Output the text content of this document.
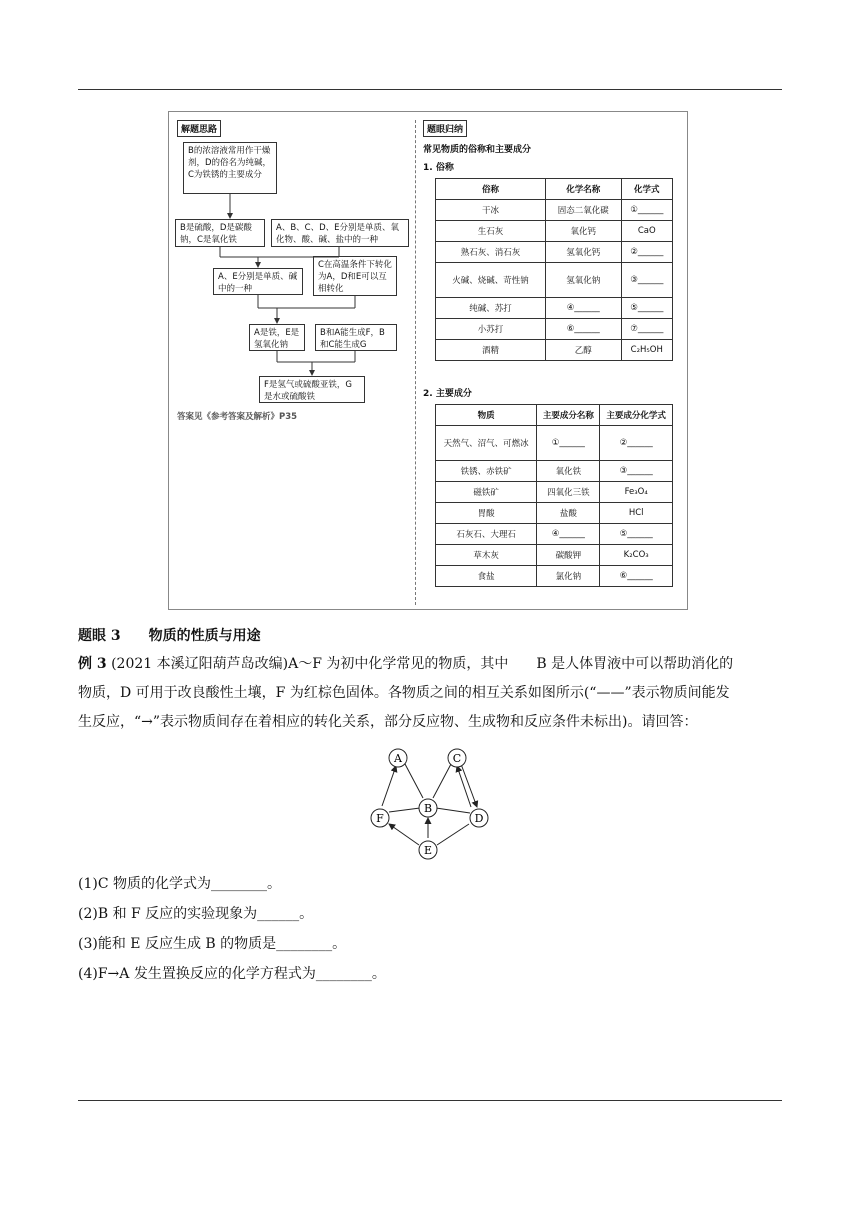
解题思路
B的浓溶液常用作干燥剂，D的俗名为纯碱，C为铁锈的主要成分
B是硫酸，D是碳酸钠，C是氧化铁
A、B、C、D、E分别是单质、氧化物、酸、碱、盐中的一种
A、E分别是单质、碱中的一种
C在高温条件下转化为A，D和E可以互相转化
A是铁，E是氢氧化钠
B和A能生成F，B和C能生成G
F是氢气或硫酸亚铁，G是水或硫酸铁
答案见《参考答案及解析》P35
题眼归纳
常见物质的俗称和主要成分
1. 俗称
俗称	化学名称	化学式
干冰	固态二氧化碳	①______
生石灰	氧化钙	CaO
熟石灰、消石灰	氢氧化钙	②______
火碱、烧碱、苛性钠	氢氧化钠	③______
纯碱、苏打	④______	⑤______
小苏打	⑥______	⑦______
酒精	乙醇	C₂H₅OH
2. 主要成分
物质	主要成分名称	主要成分化学式
天然气、沼气、可燃冰	①______	②______
铁锈、赤铁矿	氧化铁	③______
磁铁矿	四氧化三铁	Fe₃O₄
胃酸	盐酸	HCl
石灰石、大理石	④______	⑤______
草木灰	碳酸钾	K₂CO₃
食盐	氯化钠	⑥______
题眼 3　　物质的性质与用途
例 3 (2021 本溪辽阳葫芦岛改编)A～F 为初中化学常见的物质，其中　　B 是人体胃液中可以帮助消化的
物质，D 可用于改良酸性土壤，F 为红棕色固体。各物质之间的相互关系如图所示(“——”表示物质间能发
生反应，“→”表示物质间存在着相应的转化关系，部分反应物、生成物和反应条件未标出)。请回答：
A
B
C
D
E
F
(1)C 物质的化学式为________。
(2)B 和 F 反应的实验现象为______。
(3)能和 E 反应生成 B 的物质是________。
(4)F→A 发生置换反应的化学方程式为________。
